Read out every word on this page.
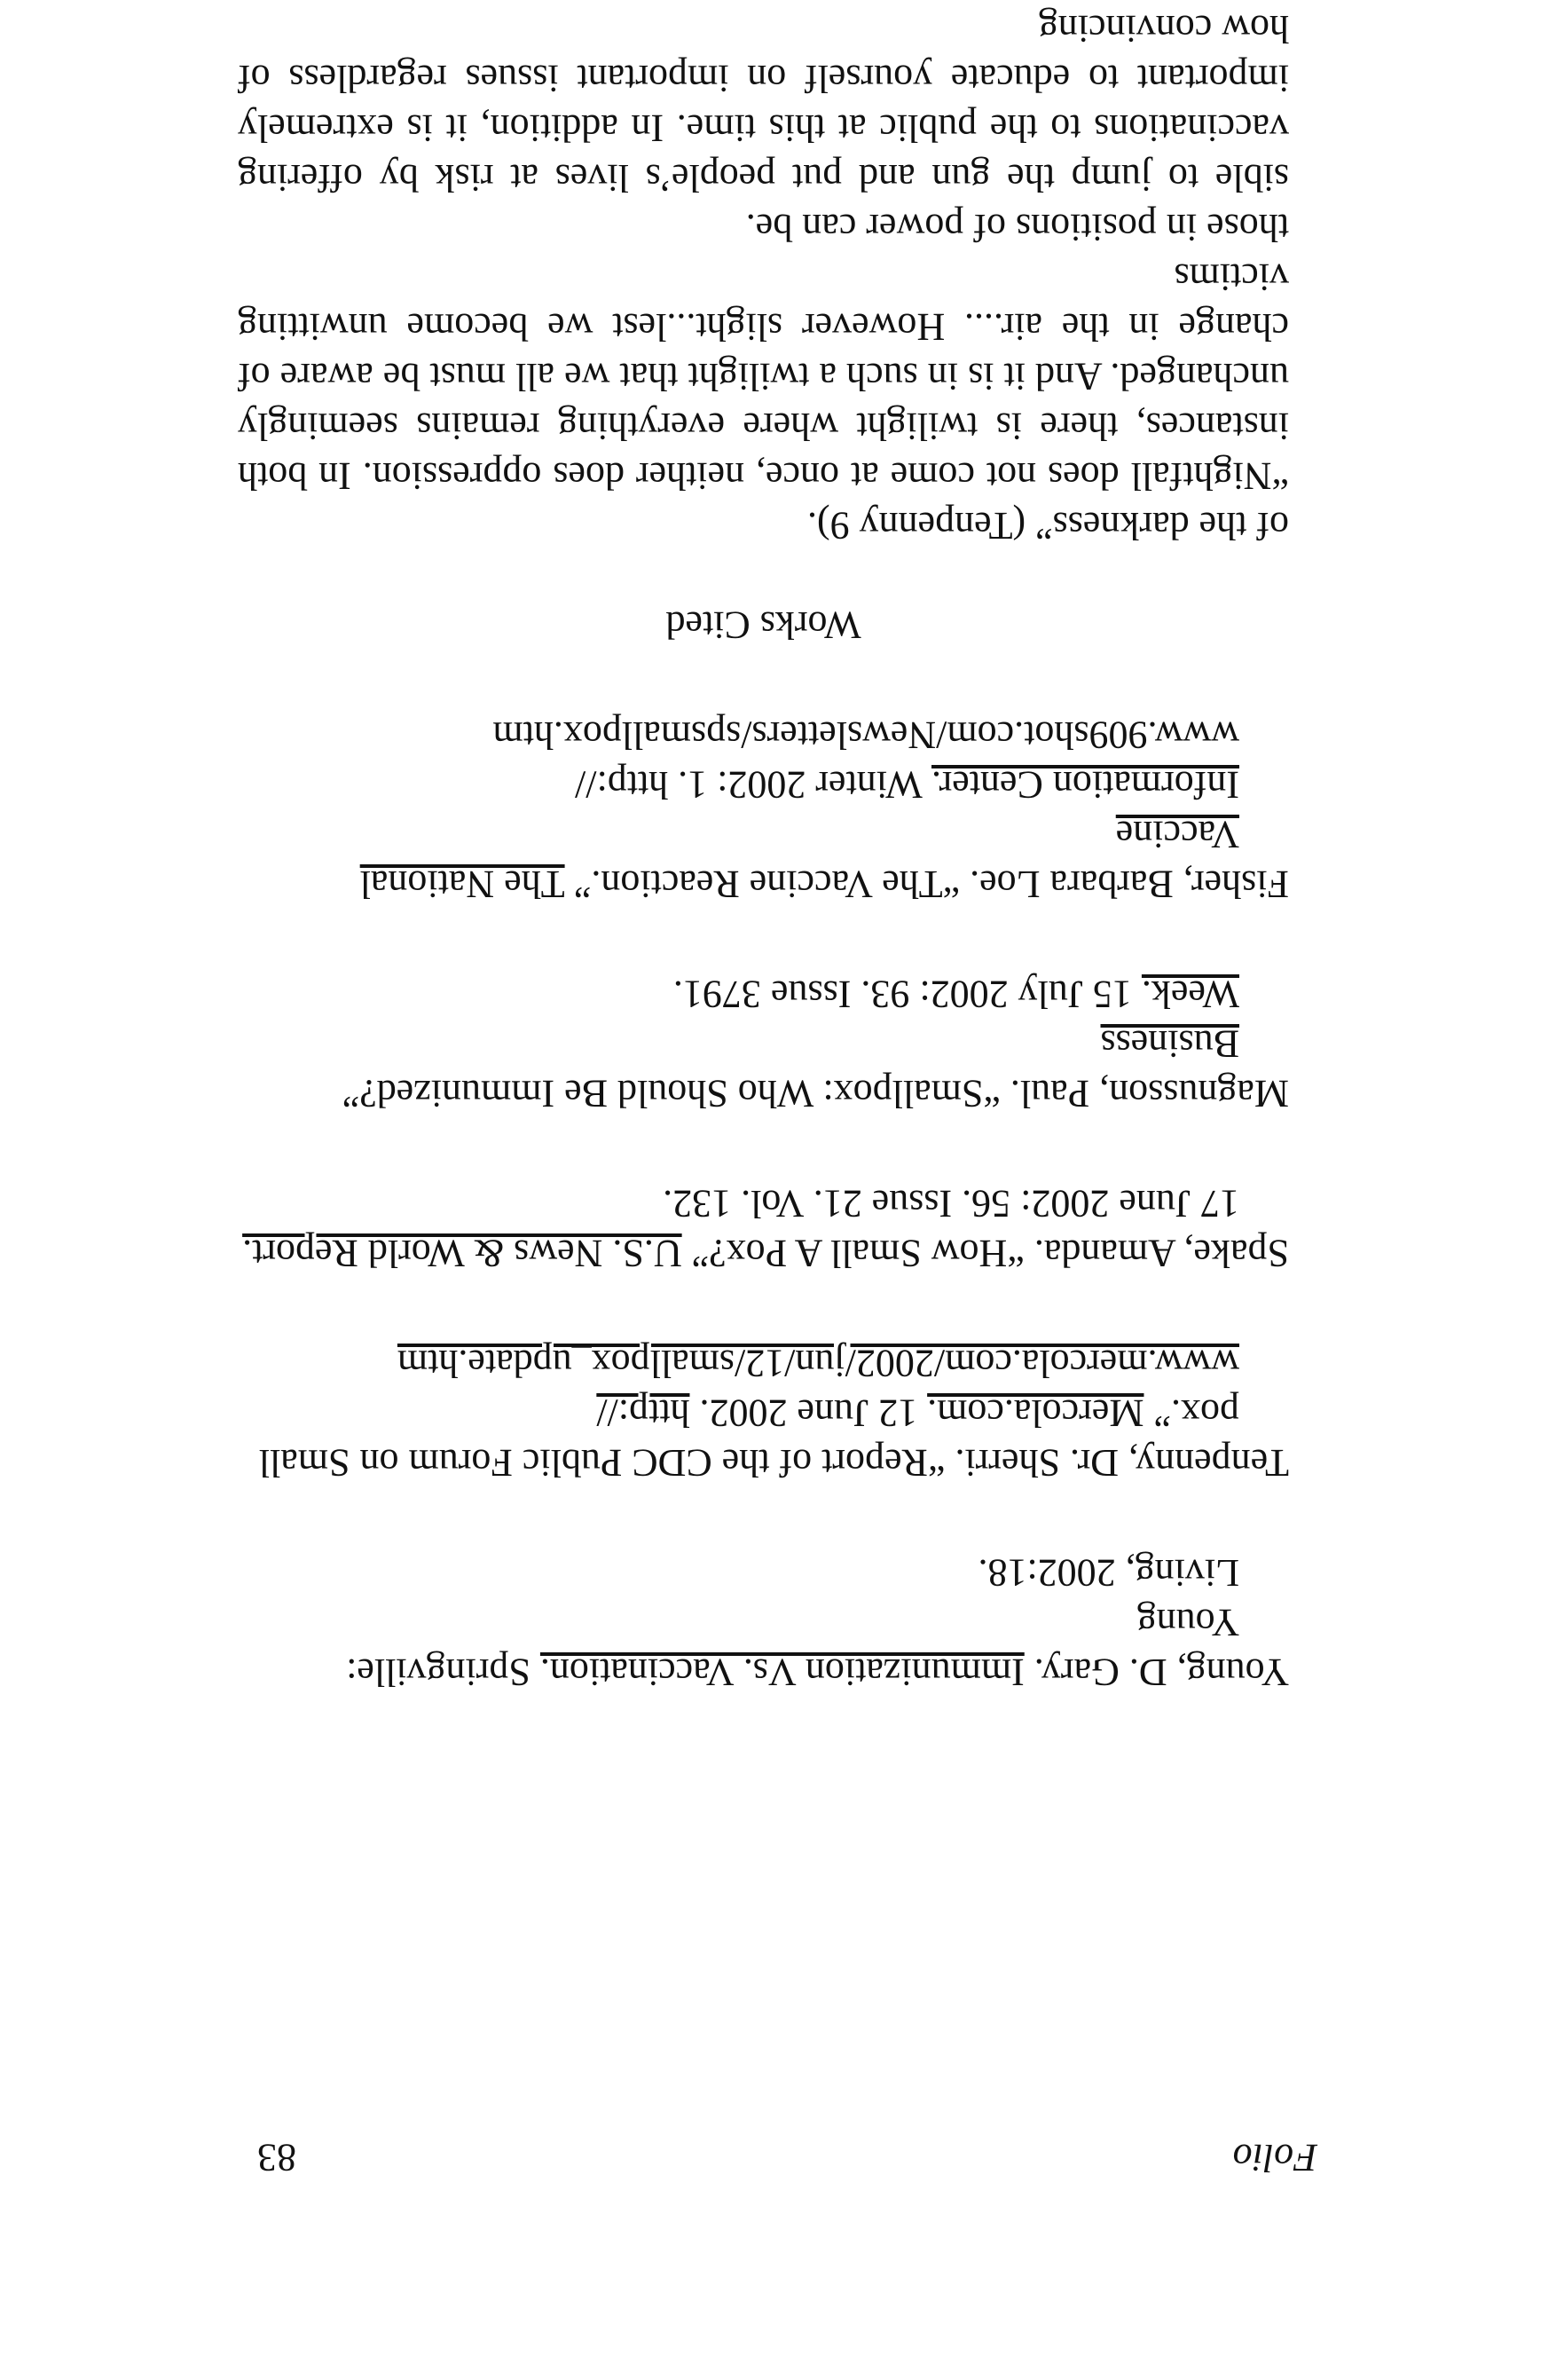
Folio
83

Young, D. Gary. Immunization Vs. Vaccination. Springville: Young
Living, 2002:18.

Tenpenny, Dr. Sherri. “Report of the CDC Public Forum on Small
pox.” Mercola.com. 12 June 2002. http://
www.mercola.com/2002/jun/12/smallpox_update.htm

Spake, Amanda. “How Small A Pox?” U.S. News & World Report.
17 June 2002: 56. Issue 21. Vol. 132.

Magnusson, Paul. “Smallpox: Who Should Be Immunized?” Business
Week. 15 July 2002: 93. Issue 3791.

Fisher, Barbara Loe. “The Vaccine Reaction.” The National Vaccine
Information Center. Winter 2002: 1. http://
www.909shot.com/Newsletters/spsmallpox.htm

Works Cited

of the darkness” (Tenpenny 9).

“Nightfall does not come at once, neither does oppression. In both instances, there is twilight where everything remains seemingly unchanged. And it is in such a twilight that we all must be aware of change in the air.... However slight...lest we become unwitting victims

those in positions of power can be.

sible to jump the gun and put people’s lives at risk by offering vaccinations to the public at this time. In addition, it is extremely important to educate yourself on important issues regardless of how convincing
